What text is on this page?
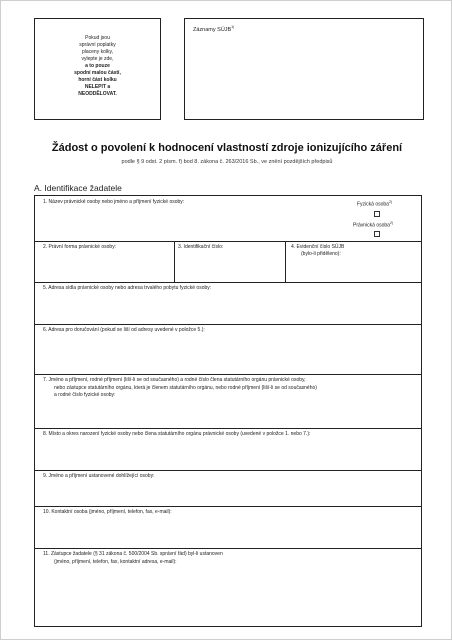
Pokud jsou
správní poplatky
placeny kolky,
vylepte je zde,
a to pouze
spodní malou částí,
horní část kolku
NELEPIT a
NEODDĚLOVAT.
Záznamy SÚJB$^{1)}$
Žádost o povolení k hodnocení vlastností zdroje ionizujícího záření
podle § 9 odst. 2 písm. f) bod 8. zákona č. 263/2016 Sb., ve znění pozdějších předpisů
A. Identifikace žadatele
1. Název právnické osoby nebo jméno a příjmení fyzické osoby:	Fyzická osoba$^{2)}$
Právnická osoba$^{2)}$
2. Právní forma právnické osoby:	3. Identifikační číslo:	4. Evidenční číslo SÚJB
(bylo-li přiděleno):
5. Adresa sídla právnické osoby nebo adresa trvalého pobytu fyzické osoby:
6. Adresa pro doručování (pokud se liší od adresy uvedené v položce 5.):
7. Jméno a příjmení, rodné příjmení (liší-li se od současného) a rodné číslo člena statutárního orgánu právnické osoby,
nebo zástupce statutárního orgánu, která je členem statutárního orgánu, nebo rodné příjmení (liší-li se od současného)
a rodné číslo fyzické osoby:
8. Místo a okres narození fyzické osoby nebo člena statutárního orgánu právnické osoby (uvedené v položce 1. nebo 7.):
9. Jméno a příjmení ustanovené dohlížející osoby:
10. Kontaktní osoba (jméno, příjmení, telefon, fax, e-mail):
11. Zástupce žadatele (§ 31 zákona č. 500/2004 Sb. správní řád) byl-li ustanoven
(jméno, příjmení, telefon, fax, kontaktní adresa, e-mail):
